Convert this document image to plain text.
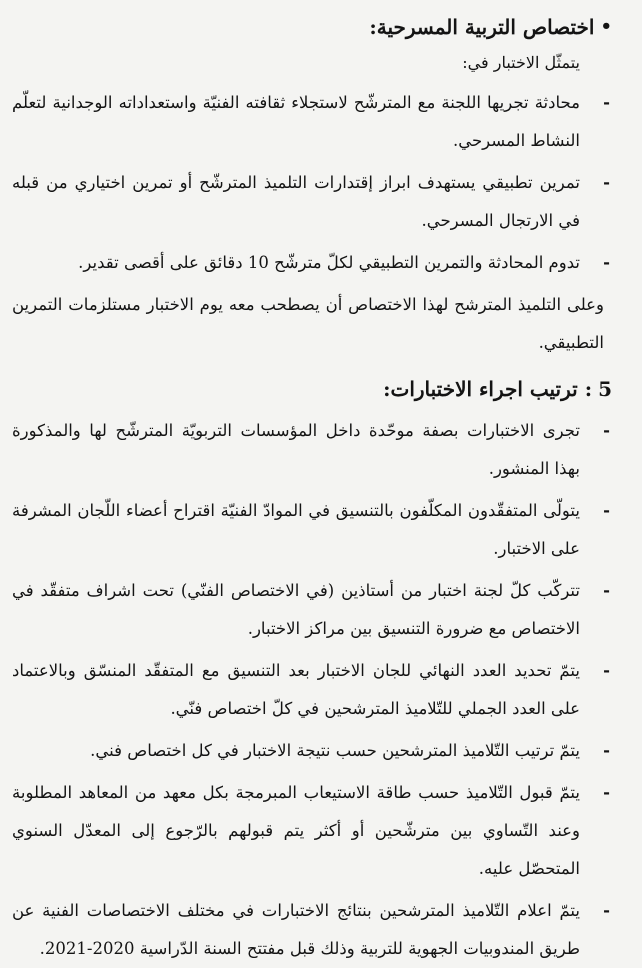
•
اختصاص التربية المسرحية:
يتمثّل الاختبار في:
-
محادثة تجريها اللجنة مع المترشّح لاستجلاء ثقافته الفنيّة واستعداداته الوجدانية لتعلّم النشاط المسرحي.
-
تمرين تطبيقي يستهدف ابراز إقتدارات التلميذ المترشّح أو تمرين اختياري من قبله في الارتجال المسرحي.
-
تدوم المحادثة والتمرين التطبيقي لكلّ مترشّح 10 دقائق على أقصى تقدير.

وعلى التلميذ المترشح لهذا الاختصاص أن يصطحب معه يوم الاختبار مستلزمات التمرين التطبيقي.

5
: ترتيب اجراء الاختبارات:
-
تجرى الاختبارات بصفة موحّدة داخل المؤسسات التربويّة المترشّح لها والمذكورة بهذا المنشور.
-
يتولّى المتفقّدون المكلّفون بالتنسيق في الموادّ الفنيّة اقتراح أعضاء اللّجان المشرفة على الاختبار.
-
تتركّب كلّ لجنة اختبار من أستاذين (في الاختصاص الفنّي) تحت اشراف متفقّد في الاختصاص مع ضرورة التنسيق بين مراكز الاختبار.
-
يتمّ تحديد العدد النهائي للجان الاختبار بعد التنسيق مع المتفقّد المنسّق وبالاعتماد على العدد الجملي للتّلاميذ المترشحين في كلّ اختصاص فنّي.
-
يتمّ ترتيب التّلاميذ المترشحين حسب نتيجة الاختبار في كل اختصاص فني.
-
يتمّ قبول التّلاميذ حسب طاقة الاستيعاب المبرمجة بكل معهد من المعاهد المطلوبة وعند التّساوي بين مترشّحين أو أكثر يتم قبولهم بالرّجوع إلى المعدّل السنوي المتحصّل عليه.
-
يتمّ اعلام التّلاميذ المترشحين بنتائج الاختبارات في مختلف الاختصاصات الفنية عن طريق المندوبيات الجهوية للتربية وذلك قبل مفتتح السنة الدّراسية 2020-2021.
